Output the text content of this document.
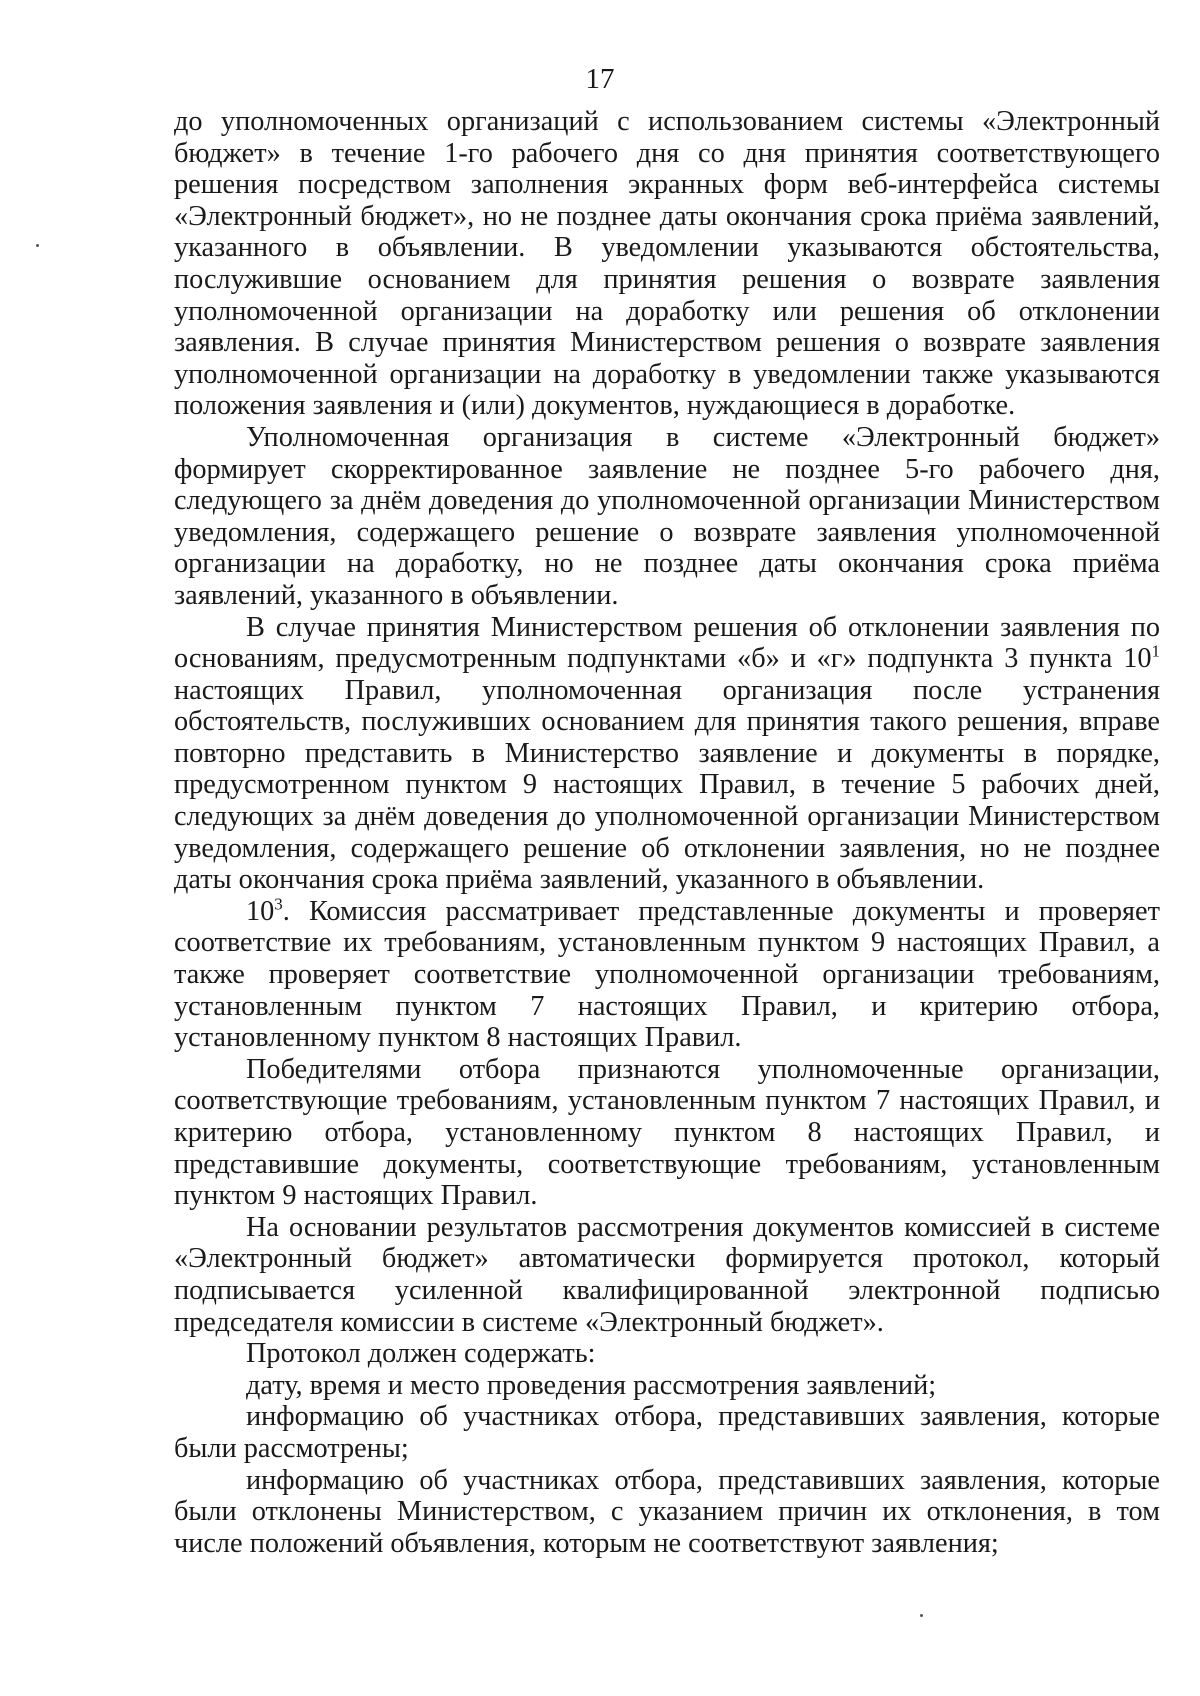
17

до уполномоченных организаций с использованием системы «Электронный бюджет» в течение 1-го рабочего дня со дня принятия соответствующего решения посредством заполнения экранных форм веб-интерфейса системы «Электронный бюджет», но не позднее даты окончания срока приёма заявлений, указанного в объявлении. В уведомлении указываются обстоятельства, послужившие основанием для принятия решения о возврате заявления уполномоченной организации на доработку или решения об отклонении заявления. В случае принятия Министерством решения о возврате заявления уполномоченной организации на доработку в уведомлении также указываются положения заявления и (или) документов, нуждающиеся в доработке.

Уполномоченная организация в системе «Электронный бюджет» формирует скорректированное заявление не позднее 5-го рабочего дня, следующего за днём доведения до уполномоченной организации Министерством уведомления, содержащего решение о возврате заявления уполномоченной организации на доработку, но не позднее даты окончания срока приёма заявлений, указанного в объявлении.

В случае принятия Министерством решения об отклонении заявления по основаниям, предусмотренным подпунктами «б» и «г» подпункта 3 пункта $10^1$ настоящих Правил, уполномоченная организация после устранения обстоятельств, послуживших основанием для принятия такого решения, вправе повторно представить в Министерство заявление и документы в порядке, предусмотренном пунктом 9 настоящих Правил, в течение 5 рабочих дней, следующих за днём доведения до уполномоченной организации Министерством уведомления, содержащего решение об отклонении заявления, но не позднее даты окончания срока приёма заявлений, указанного в объявлении.

$10^3$. Комиссия рассматривает представленные документы и проверяет соответствие их требованиям, установленным пунктом 9 настоящих Правил, а также проверяет соответствие уполномоченной организации требованиям, установленным пунктом 7 настоящих Правил, и критерию отбора, установленному пунктом 8 настоящих Правил.

Победителями отбора признаются уполномоченные организации, соответствующие требованиям, установленным пунктом 7 настоящих Правил, и критерию отбора, установленному пунктом 8 настоящих Правил, и представившие документы, соответствующие требованиям, установленным пунктом 9 настоящих Правил.

На основании результатов рассмотрения документов комиссией в системе «Электронный бюджет» автоматически формируется протокол, который подписывается усиленной квалифицированной электронной подписью председателя комиссии в системе «Электронный бюджет».

Протокол должен содержать:

дату, время и место проведения рассмотрения заявлений;

информацию об участниках отбора, представивших заявления, которые были рассмотрены;

информацию об участниках отбора, представивших заявления, которые были отклонены Министерством, с указанием причин их отклонения, в том числе положений объявления, которым не соответствуют заявления;
